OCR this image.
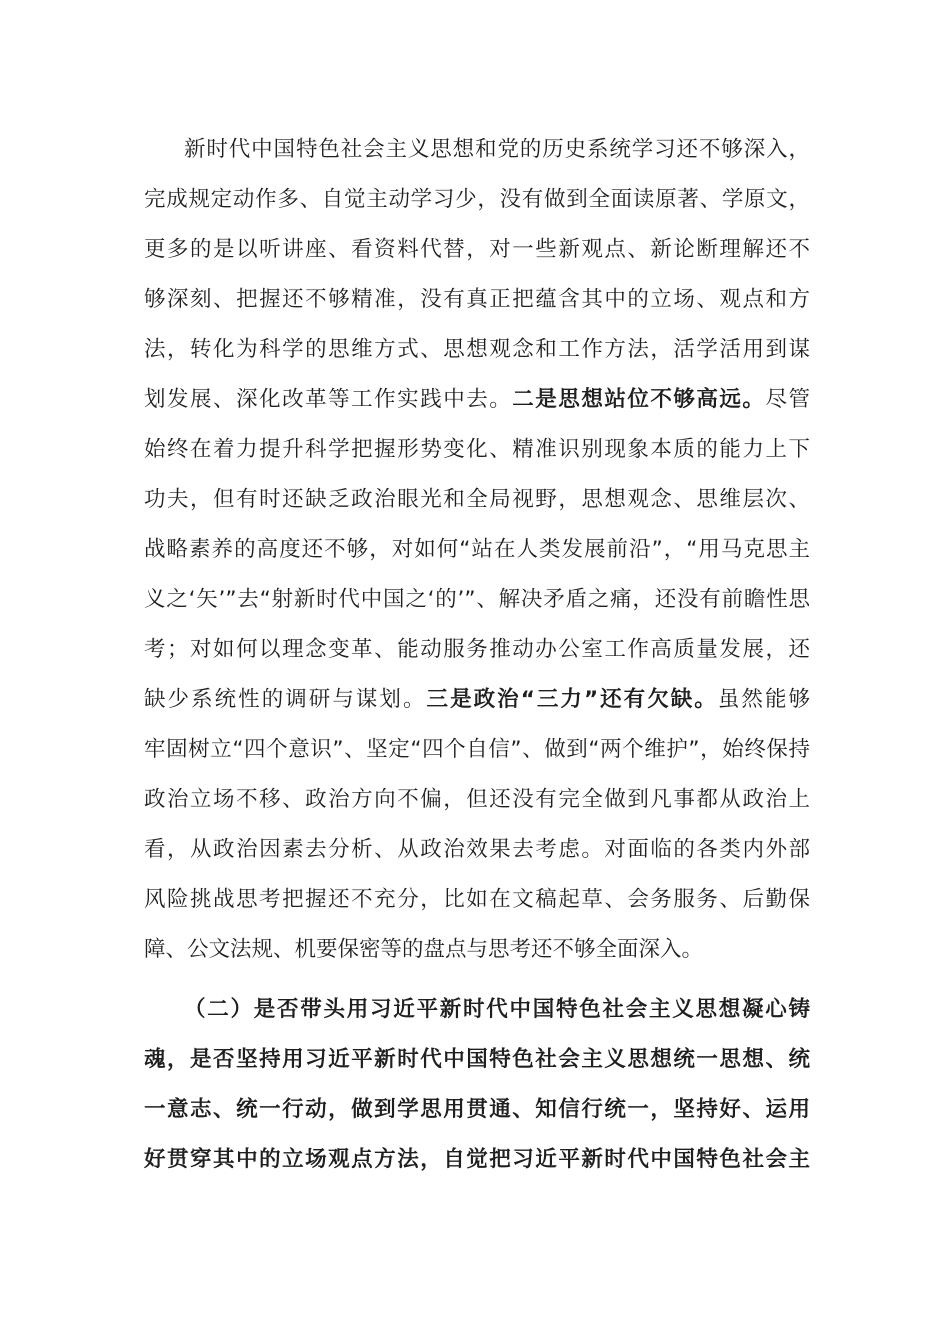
新时代中国特色社会主义思想和党的历史系统学习还不够深入，
完成规定动作多、自觉主动学习少，没有做到全面读原著、学原文，
更多的是以听讲座、看资料代替，对一些新观点、新论断理解还不
够深刻、把握还不够精准，没有真正把蕴含其中的立场、观点和方
法，转化为科学的思维方式、思想观念和工作方法，活学活用到谋
划发展、深化改革等工作实践中去。二是思想站位不够高远。尽管
始终在着力提升科学把握形势变化、精准识别现象本质的能力上下
功夫，但有时还缺乏政治眼光和全局视野，思想观念、思维层次、
战略素养的高度还不够，对如何“站在人类发展前沿”，“用马克思主
义之‘矢’”去“射新时代中国之‘的’”、解决矛盾之痛，还没有前瞻性思
考；对如何以理念变革、能动服务推动办公室工作高质量发展，还
缺少系统性的调研与谋划。三是政治“三力”还有欠缺。虽然能够
牢固树立“四个意识”、坚定“四个自信”、做到“两个维护”，始终保持
政治立场不移、政治方向不偏，但还没有完全做到凡事都从政治上
看，从政治因素去分析、从政治效果去考虑。对面临的各类内外部
风险挑战思考把握还不充分，比如在文稿起草、会务服务、后勤保
障、公文法规、机要保密等的盘点与思考还不够全面深入。
（二）是否带头用习近平新时代中国特色社会主义思想凝心铸
魂，是否坚持用习近平新时代中国特色社会主义思想统一思想、统
一意志、统一行动，做到学思用贯通、知信行统一，坚持好、运用
好贯穿其中的立场观点方法，自觉把习近平新时代中国特色社会主
